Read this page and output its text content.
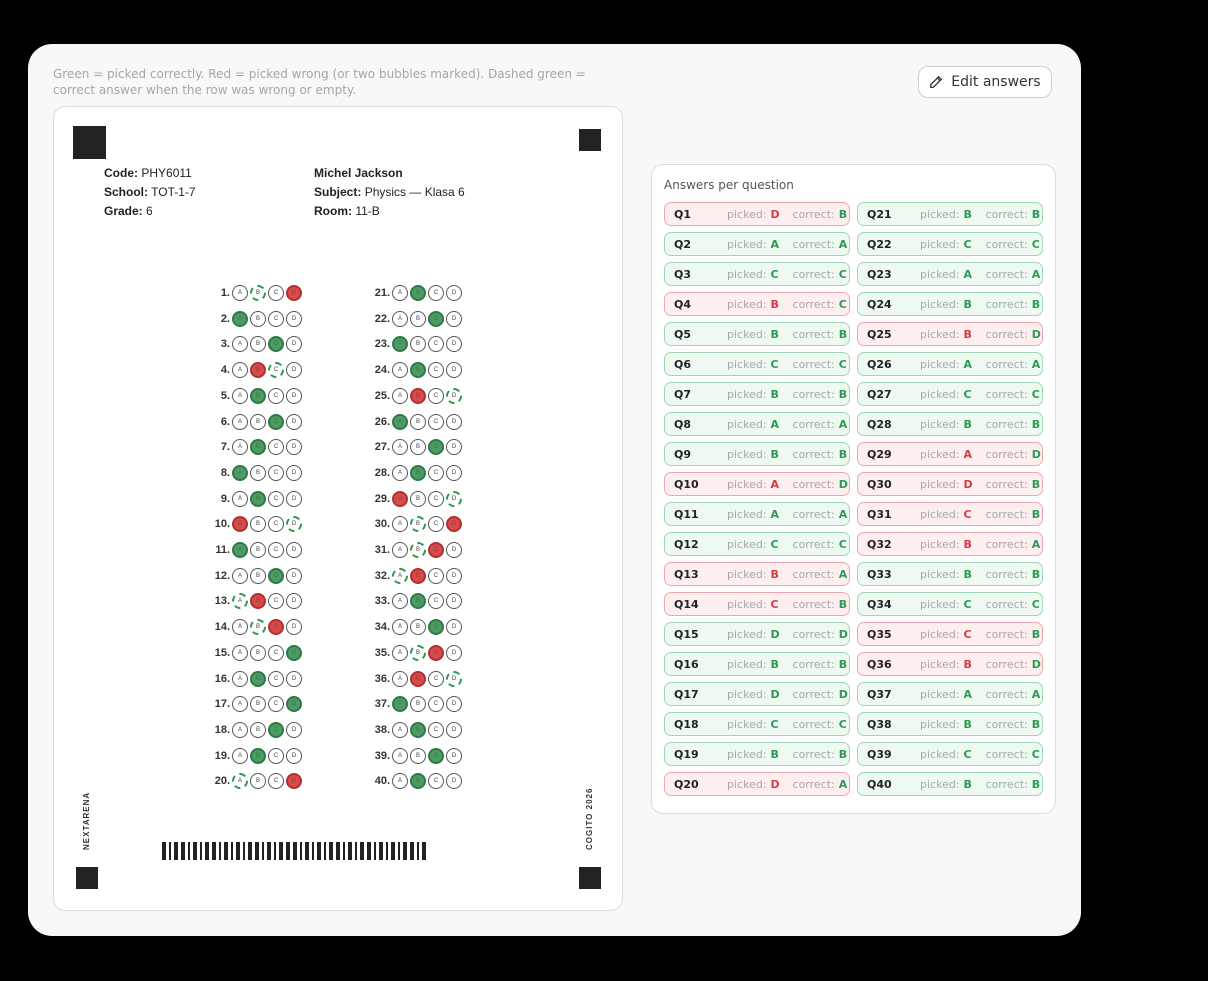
Green = picked correctly. Red = picked wrong (or two bubbles marked). Dashed green = correct answer when the row was wrong or empty.	Edit answers
Code: PHY6011
School: TOT-1-7
Grade: 6
Michel Jackson
Subject: Physics — Klasa 6
Room: 11-B
1.	A	B	C	D
2.	A	B	C	D
3.	A	B	C	D
4.	A	B	C	D
5.	A	B	C	D
6.	A	B	C	D
7.	A	B	C	D
8.	A	B	C	D
9.	A	B	C	D
10.	A	B	C	D
11.	A	B	C	D
12.	A	B	C	D
13.	A	B	C	D
14.	A	B	C	D
15.	A	B	C	D
16.	A	B	C	D
17.	A	B	C	D
18.	A	B	C	D
19.	A	B	C	D
20.	A	B	C	D
21.	A	B	C	D
22.	A	B	C	D
23.	A	B	C	D
24.	A	B	C	D
25.	A	B	C	D
26.	A	B	C	D
27.	A	B	C	D
28.	A	B	C	D
29.	A	B	C	D
30.	A	B	C	D
31.	A	B	C	D
32.	A	B	C	D
33.	A	B	C	D
34.	A	B	C	D
35.	A	B	C	D
36.	A	B	C	D
37.	A	B	C	D
38.	A	B	C	D
39.	A	B	C	D
40.	A	B	C	D
NEXTARENA	COGITO 2026
Answers per question
Q1	picked: D	correct: B
Q2	picked: A	correct: A
Q3	picked: C	correct: C
Q4	picked: B	correct: C
Q5	picked: B	correct: B
Q6	picked: C	correct: C
Q7	picked: B	correct: B
Q8	picked: A	correct: A
Q9	picked: B	correct: B
Q10	picked: A	correct: D
Q11	picked: A	correct: A
Q12	picked: C	correct: C
Q13	picked: B	correct: A
Q14	picked: C	correct: B
Q15	picked: D	correct: D
Q16	picked: B	correct: B
Q17	picked: D	correct: D
Q18	picked: C	correct: C
Q19	picked: B	correct: B
Q20	picked: D	correct: A
Q21	picked: B	correct: B
Q22	picked: C	correct: C
Q23	picked: A	correct: A
Q24	picked: B	correct: B
Q25	picked: B	correct: D
Q26	picked: A	correct: A
Q27	picked: C	correct: C
Q28	picked: B	correct: B
Q29	picked: A	correct: D
Q30	picked: D	correct: B
Q31	picked: C	correct: B
Q32	picked: B	correct: A
Q33	picked: B	correct: B
Q34	picked: C	correct: C
Q35	picked: C	correct: B
Q36	picked: B	correct: D
Q37	picked: A	correct: A
Q38	picked: B	correct: B
Q39	picked: C	correct: C
Q40	picked: B	correct: B
